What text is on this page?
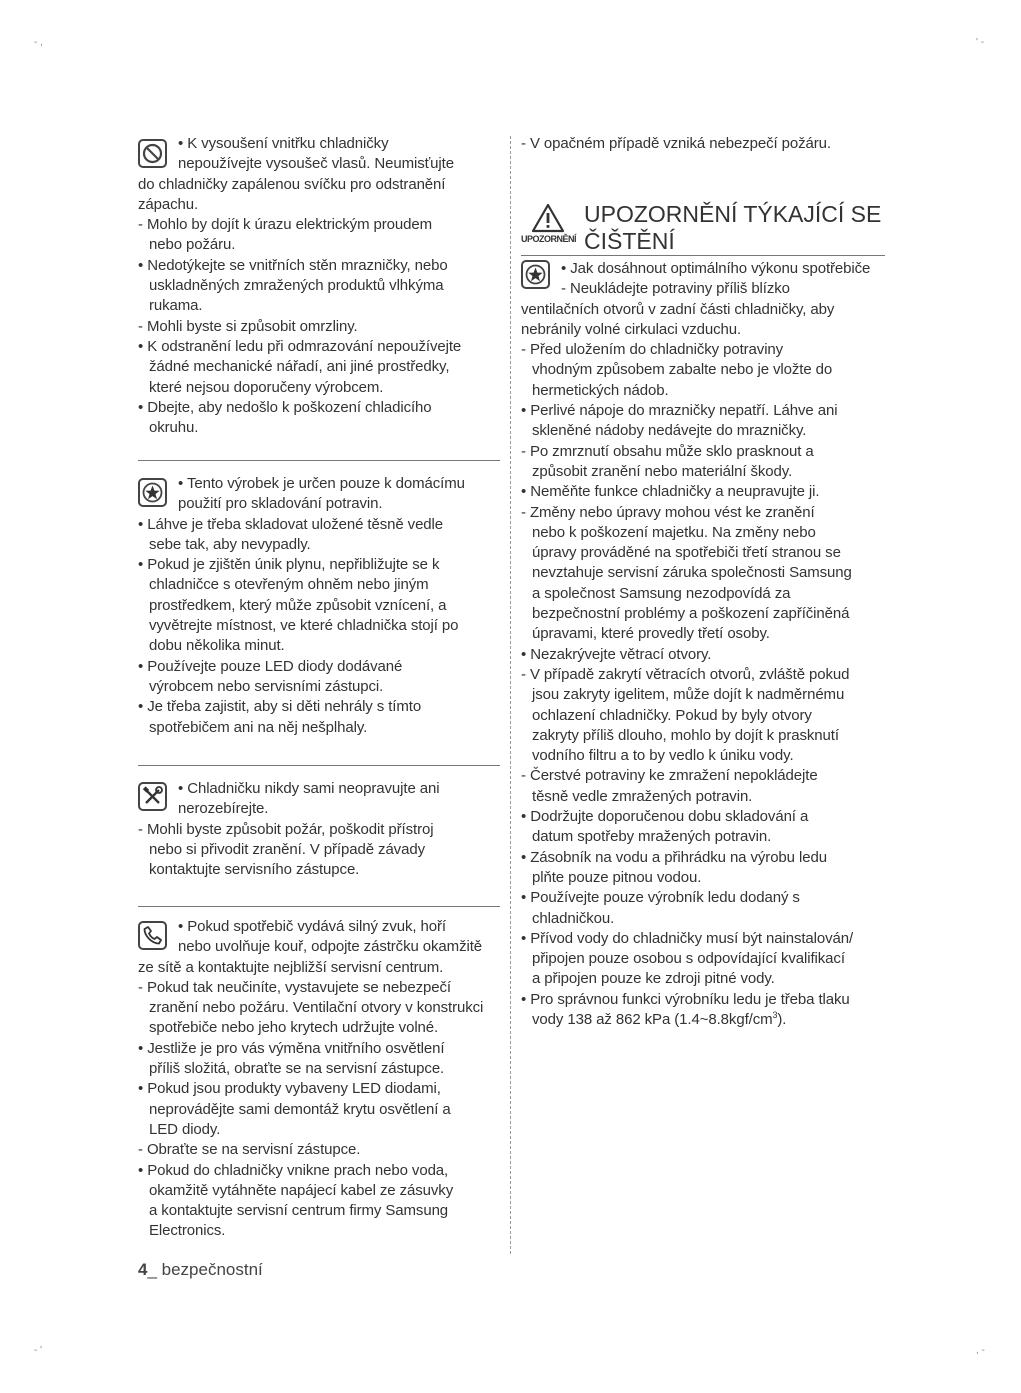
- ,	' -
- '	, -
• K vysoušení vnitřku chladničky
nepoužívejte vysoušeč vlasů. Neumisťujte
do chladničky zapálenou svíčku pro odstranění
zápachu.
- Mohlo by dojít k úrazu elektrickým proudem
nebo požáru.
• Nedotýkejte se vnitřních stěn mrazničky, nebo
uskladněných zmražených produktů vlhkýma
rukama.
- Mohli byste si způsobit omrzliny.
• K odstranění ledu při odmrazování nepoužívejte
žádné mechanické nářadí, ani jiné prostředky,
které nejsou doporučeny výrobcem.
• Dbejte, aby nedošlo k poškození chladicího
okruhu.
• Tento výrobek je určen pouze k domácímu
použití pro skladování potravin.
• Láhve je třeba skladovat uložené těsně vedle
sebe tak, aby nevypadly.
• Pokud je zjištěn únik plynu, nepřibližujte se k
chladničce s otevřeným ohněm nebo jiným
prostředkem, který může způsobit vznícení, a
vyvětrejte místnost, ve které chladnička stojí po
dobu několika minut.
• Používejte pouze LED diody dodávané
výrobcem nebo servisními zástupci.
• Je třeba zajistit, aby si děti nehrály s tímto
spotřebičem ani na něj nešplhaly.
• Chladničku nikdy sami neopravujte ani
nerozebírejte.
- Mohli byste způsobit požár, poškodit přístroj
nebo si přivodit zranění. V případě závady
kontaktujte servisního zástupce.
• Pokud spotřebič vydává silný zvuk, hoří
nebo uvolňuje kouř, odpojte zástrčku okamžitě
ze sítě a kontaktujte nejbližší servisní centrum.
- Pokud tak neučiníte, vystavujete se nebezpečí
zranění nebo požáru. Ventilační otvory v konstrukci
spotřebiče nebo jeho krytech udržujte volné.
• Jestliže je pro vás výměna vnitřního osvětlení
příliš složitá, obraťte se na servisní zástupce.
• Pokud jsou produkty vybaveny LED diodami,
neprovádějte sami demontáž krytu osvětlení a
LED diody.
- Obraťte se na servisní zástupce.
• Pokud do chladničky vnikne prach nebo voda,
okamžitě vytáhněte napájecí kabel ze zásuvky
a kontaktujte servisní centrum firmy Samsung
Electronics.
- V opačném případě vzniká nebezpečí požáru.
UPOZORNĚNÍ
UPOZORNĚNÍ TÝKAJÍCÍ SE
ČIŠTĚNÍ
• Jak dosáhnout optimálního výkonu spotřebiče
- Neukládejte potraviny příliš blízko
ventilačních otvorů v zadní části chladničky, aby
nebránily volné cirkulaci vzduchu.
- Před uložením do chladničky potraviny
vhodným způsobem zabalte nebo je vložte do
hermetických nádob.
• Perlivé nápoje do mrazničky nepatří. Láhve ani
skleněné nádoby nedávejte do mrazničky.
- Po zmrznutí obsahu může sklo prasknout a
způsobit zranění nebo materiální škody.
• Neměňte funkce chladničky a neupravujte ji.
- Změny nebo úpravy mohou vést ke zranění
nebo k poškození majetku. Na změny nebo
úpravy prováděné na spotřebiči třetí stranou se
nevztahuje servisní záruka společnosti Samsung
a společnost Samsung nezodpovídá za
bezpečnostní problémy a poškození zapříčiněná
úpravami, které provedly třetí osoby.
• Nezakrývejte větrací otvory.
- V případě zakrytí větracích otvorů, zvláště pokud
jsou zakryty igelitem, může dojít k nadměrnému
ochlazení chladničky. Pokud by byly otvory
zakryty příliš dlouho, mohlo by dojít k prasknutí
vodního filtru a to by vedlo k úniku vody.
- Čerstvé potraviny ke zmražení nepokládejte
těsně vedle zmražených potravin.
• Dodržujte doporučenou dobu skladování a
datum spotřeby mražených potravin.
• Zásobník na vodu a přihrádku na výrobu ledu
plňte pouze pitnou vodou.
• Používejte pouze výrobník ledu dodaný s
chladničkou.
• Přívod vody do chladničky musí být nainstalován/
připojen pouze osobou s odpovídající kvalifikací
a připojen pouze ke zdroji pitné vody.
• Pro správnou funkci výrobníku ledu je třeba tlaku
vody 138 až 862 kPa $(1.4\sim 8.8kgf/cm^3)$.
4_ bezpečnostní
